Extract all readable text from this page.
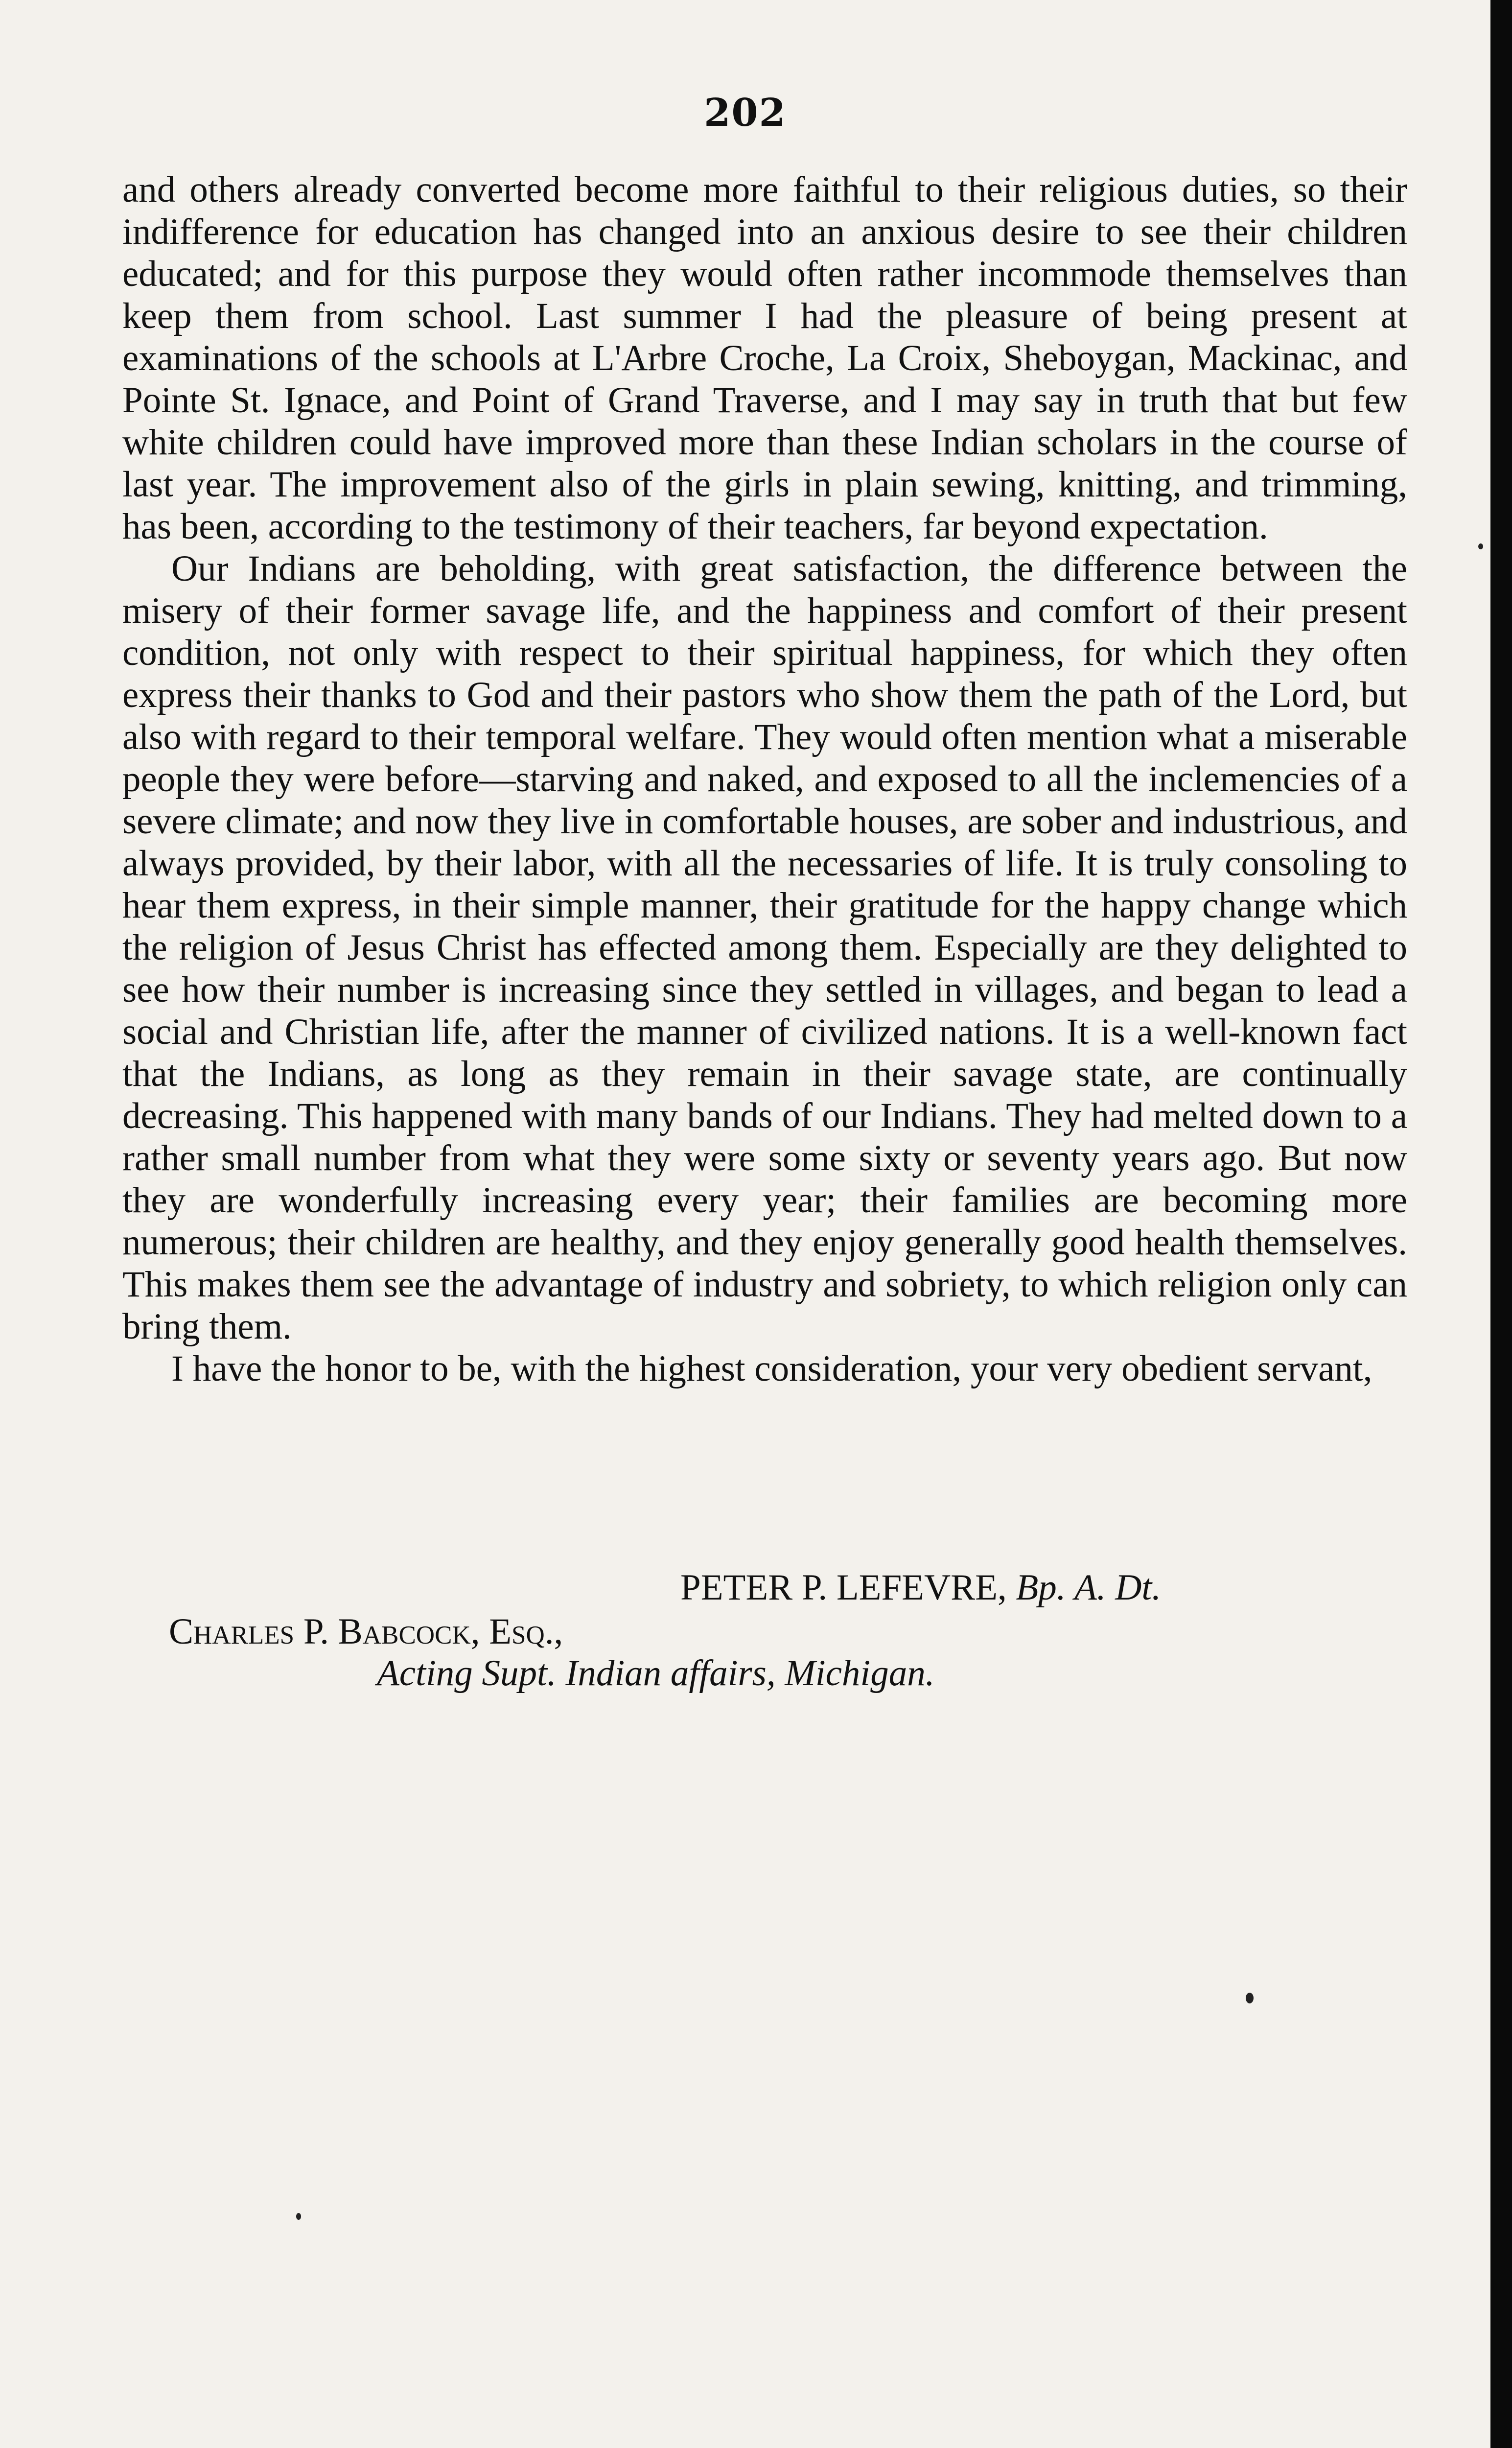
202

and others already converted become more faithful to their religious duties, so their indifference for education has changed into an anxious desire to see their children educated; and for this purpose they would often rather incommode themselves than keep them from school. Last summer I had the pleasure of being present at examinations of the schools at L'Arbre Croche, La Croix, Sheboygan, Mackinac, and Pointe St. Ignace, and Point of Grand Traverse, and I may say in truth that but few white children could have improved more than these Indian scholars in the course of last year. The improvement also of the girls in plain sewing, knitting, and trimming, has been, according to the testimony of their teachers, far beyond expectation.

Our Indians are beholding, with great satisfaction, the difference between the misery of their former savage life, and the happiness and comfort of their present condition, not only with respect to their spiritual happiness, for which they often express their thanks to God and their pastors who show them the path of the Lord, but also with regard to their temporal welfare. They would often mention what a miserable people they were before—starving and naked, and exposed to all the inclemencies of a severe climate; and now they live in comfortable houses, are sober and industrious, and always provided, by their labor, with all the necessaries of life. It is truly consoling to hear them express, in their simple manner, their gratitude for the happy change which the religion of Jesus Christ has effected among them. Especially are they delighted to see how their number is increasing since they settled in villages, and began to lead a social and Christian life, after the manner of civilized nations. It is a well-known fact that the Indians, as long as they remain in their savage state, are continually decreasing. This happened with many bands of our Indians. They had melted down to a rather small number from what they were some sixty or seventy years ago. But now they are wonderfully increasing every year; their families are becoming more numerous; their children are healthy, and they enjoy generally good health themselves. This makes them see the advantage of industry and sobriety, to which religion only can bring them.

I have the honor to be, with the highest consideration, your very obedient servant,

PETER P. LEFEVRE, Bp. A. Dt.
Charles P. Babcock, Esq.,
Acting Supt. Indian affairs, Michigan.
